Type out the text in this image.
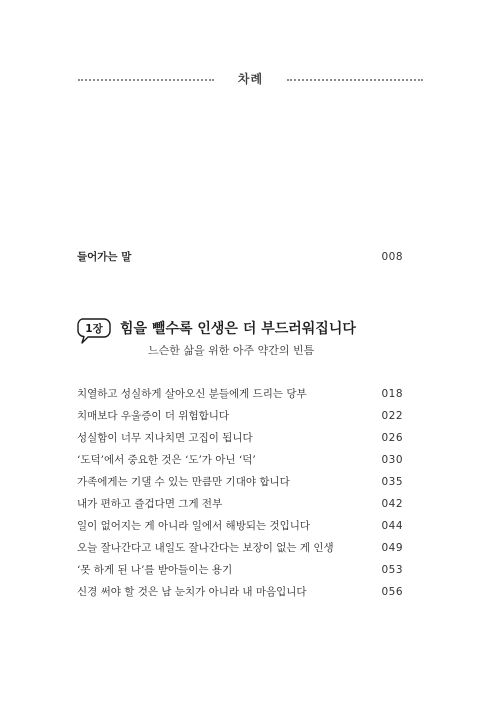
차례
들어가는 말	008
1장	힘을 뺄수록 인생은 더 부드러워집니다
느슨한 삶을 위한 아주 약간의 빈틈
치열하고 성실하게 살아오신 분들에게 드리는 당부	018
치매보다 우울증이 더 위험합니다	022
성실함이 너무 지나치면 고집이 됩니다	026
‘도덕’에서 중요한 것은 ‘도’가 아닌 ‘덕’	030
가족에게는 기댈 수 있는 만큼만 기대야 합니다	035
내가 편하고 즐겁다면 그게 전부	042
일이 없어지는 게 아니라 일에서 해방되는 것입니다	044
오늘 잘나간다고 내일도 잘나간다는 보장이 없는 게 인생	049
‘못 하게 된 나’를 받아들이는 용기	053
신경 써야 할 것은 남 눈치가 아니라 내 마음입니다	056
